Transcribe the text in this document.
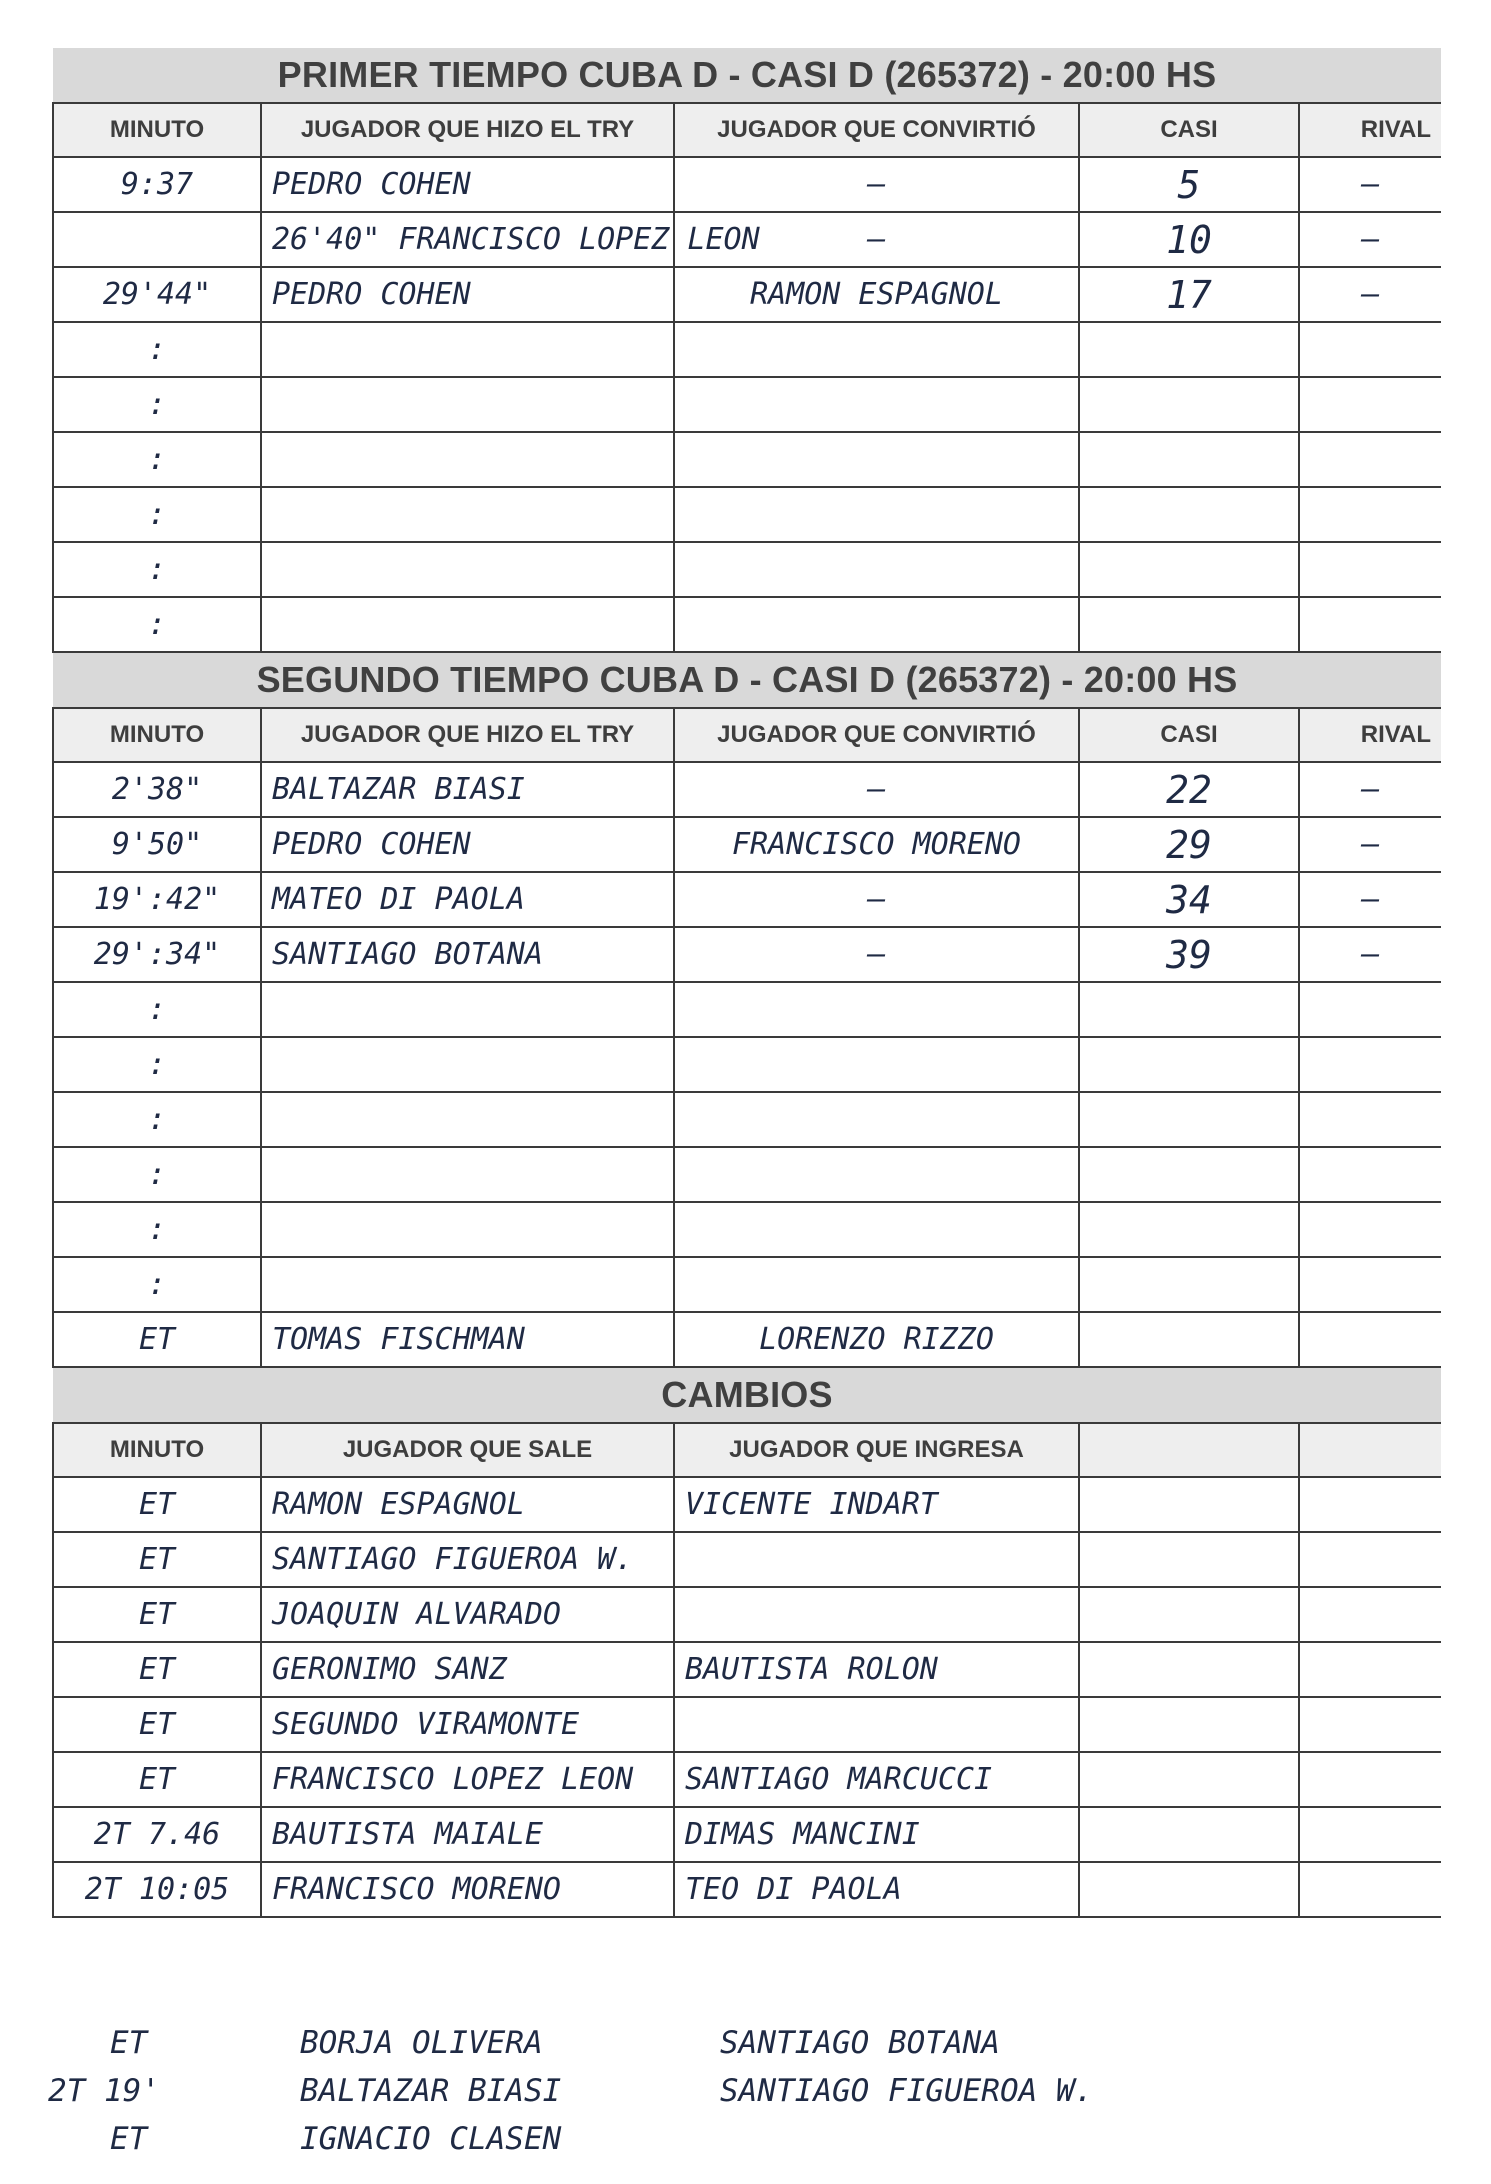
PRIMER TIEMPO CUBA D - CASI D (265372) - 20:00 HS				
MINUTO	JUGADOR QUE HIZO EL TRY	JUGADOR QUE CONVIRTIÓ	CASI	RIVAL
9:37	PEDRO COHEN	—	5	—
	26'40" FRANCISCO LOPEZ LEON	—	10	—
29'44"	PEDRO COHEN	RAMON ESPAGNOL	17	—
:				
:				
:				
:				
:				
:				
SEGUNDO TIEMPO CUBA D - CASI D (265372) - 20:00 HS				
MINUTO	JUGADOR QUE HIZO EL TRY	JUGADOR QUE CONVIRTIÓ	CASI	RIVAL
2'38"	BALTAZAR BIASI	—	22	—
9'50"	PEDRO COHEN	FRANCISCO MORENO	29	—
19':42"	MATEO DI PAOLA	—	34	—
29':34"	SANTIAGO BOTANA	—	39	—
:				
:				
:				
:				
:				
:				
ET	TOMAS FISCHMAN	LORENZO RIZZO		
CAMBIOS				
MINUTO	JUGADOR QUE SALE	JUGADOR QUE INGRESA		
ET	RAMON ESPAGNOL	VICENTE INDART		
ET	SANTIAGO FIGUEROA W.			
ET	JOAQUIN ALVARADO			
ET	GERONIMO SANZ	BAUTISTA ROLON		
ET	SEGUNDO VIRAMONTE			
ET	FRANCISCO LOPEZ LEON	SANTIAGO MARCUCCI		
2T 7.46	BAUTISTA MAIALE	DIMAS MANCINI		
2T 10:05	FRANCISCO MORENO	TEO DI PAOLA		
ET	BORJA OLIVERA	SANTIAGO BOTANA
2T 19'	BALTAZAR BIASI	SANTIAGO FIGUEROA W.
ET	IGNACIO CLASEN
